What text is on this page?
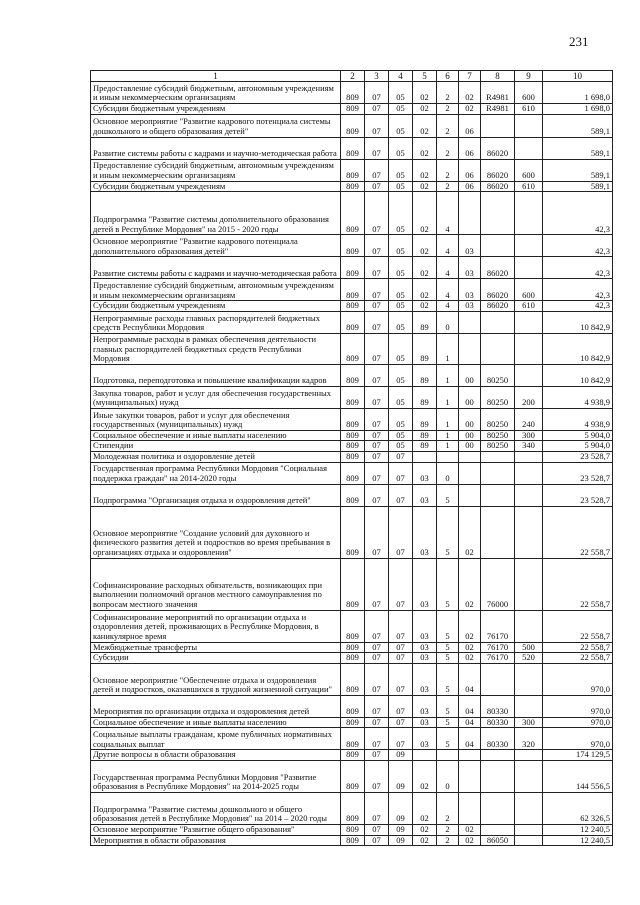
231
1	2	3	4	5	6	7	8	9	10
Предоставление субсидий бюджетным, автономным учреждениям и иным некоммерческим организациям	809	07	05	02	2	02	R4981	600	1 698,0
Субсидии бюджетным учреждениям	809	07	05	02	2	02	R4981	610	1 698,0
Основное мероприятие "Развитие кадрового потенциала системы дошкольного и общего образования детей"	809	07	05	02	2	06			589,1
Развитие системы работы с кадрами и научно-методическая работа	809	07	05	02	2	06	86020		589,1
Предоставление субсидий бюджетным, автономным учреждениям и иным некоммерческим организациям	809	07	05	02	2	06	86020	600	589,1
Субсидии бюджетным учреждениям	809	07	05	02	2	06	86020	610	589,1
Подпрограмма "Развитие системы дополнительного образования детей в Республике Мордовия" на 2015 - 2020 годы	809	07	05	02	4				42,3
Основное мероприятие "Развитие кадрового потенциала дополнительного образования детей"	809	07	05	02	4	03			42,3
Развитие системы работы с кадрами и научно-методическая работа	809	07	05	02	4	03	86020		42,3
Предоставление субсидий бюджетным, автономным учреждениям и иным некоммерческим организациям	809	07	05	02	4	03	86020	600	42,3
Субсидии бюджетным учреждениям	809	07	05	02	4	03	86020	610	42,3
Непрограммные расходы главных распорядителей бюджетных средств Республики Мордовия	809	07	05	89	0				10 842,9
Непрограммные расходы в рамках обеспечения деятельности главных распорядителей бюджетных средств Республики Мордовия	809	07	05	89	1				10 842,9
Подготовка, переподготовка и повышение квалификации кадров	809	07	05	89	1	00	80250		10 842,9
Закупка товаров, работ и услуг для обеспечения государственных (муниципальных) нужд	809	07	05	89	1	00	80250	200	4 938,9
Иные закупки товаров, работ и услуг для обеспечения государственных (муниципальных) нужд	809	07	05	89	1	00	80250	240	4 938,9
Социальное обеспечение и иные выплаты населению	809	07	05	89	1	00	80250	300	5 904,0
Стипендии	809	07	05	89	1	00	80250	340	5 904,0
Молодежная политика и оздоровление детей	809	07	07						23 528,7
Государственная программа Республики Мордовия "Социальная поддержка граждан" на 2014-2020 годы	809	07	07	03	0				23 528,7
Подпрограмма "Организация отдыха и оздоровления детей"	809	07	07	03	5				23 528,7
Основное мероприятие "Создание условий для духовного и физического развития детей и подростков во время пребывания в организациях отдыха и оздоровления"	809	07	07	03	5	02			22 558,7
Софинансирование расходных обязательств, возникающих при выполнении полномочий органов местного самоуправления по вопросам местного значения	809	07	07	03	5	02	76000		22 558,7
Софинансирование мероприятий по организации отдыха и оздоровления детей, проживающих в Республике Мордовия, в каникулярное время	809	07	07	03	5	02	76170		22 558,7
Межбюджетные трансферты	809	07	07	03	5	02	76170	500	22 558,7
Субсидии	809	07	07	03	5	02	76170	520	22 558,7
Основное мероприятие "Обеспечение отдыха и оздоровления детей и подростков, оказавшихся в трудной жизненной ситуации"	809	07	07	03	5	04			970,0
Мероприятия по организации отдыха и оздоровления детей	809	07	07	03	5	04	80330		970,0
Социальное обеспечение и иные выплаты населению	809	07	07	03	5	04	80330	300	970,0
Социальные выплаты гражданам, кроме публичных нормативных социальных выплат	809	07	07	03	5	04	80330	320	970,0
Другие вопросы в области образования	809	07	09						174 129,5
Государственная программа Республики Мордовия "Развитие образования в Республике Мордовия" на 2014-2025 годы	809	07	09	02	0				144 556,5
Подпрограмма "Развитие системы дошкольного и общего образования детей в Республике Мордовия" на 2014 – 2020 годы	809	07	09	02	2				62 326,5
Основное мероприятие "Развитие общего образования"	809	07	09	02	2	02			12 240,5
Мероприятия в области образования	809	07	09	02	2	02	86050		12 240,5
